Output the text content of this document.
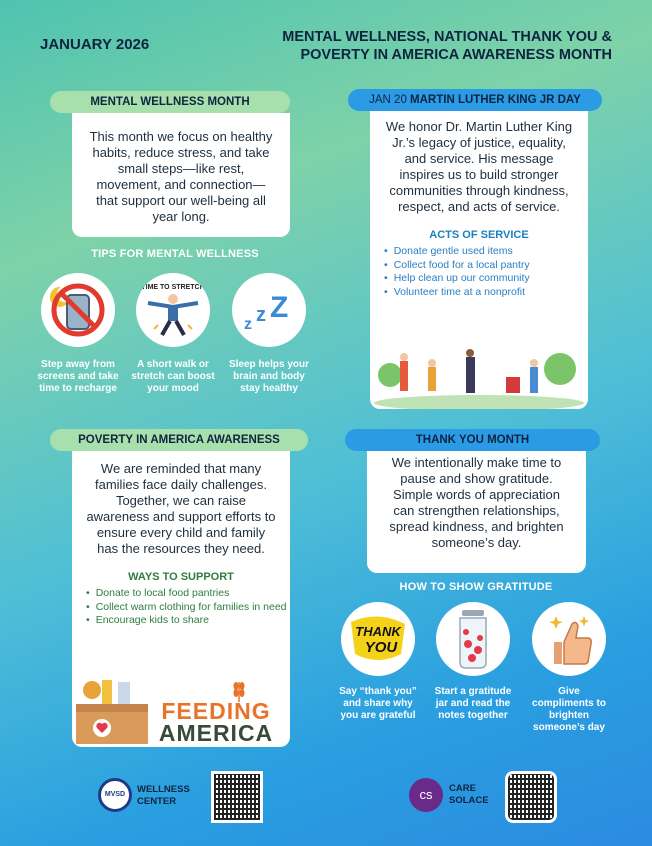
JANUARY 2026	MENTAL WELLNESS, NATIONAL THANK YOU &
POVERTY IN AMERICA AWARENESS MONTH
MENTAL WELLNESS MONTH

This month we focus on healthy habits, reduce stress, and take small steps—like rest, movement, and connection—that support our well-being all year long.

TIPS FOR MENTAL WELLNESS
TIME TO STRETCH
z z Z
Step away from screens and take time to recharge
A short walk or stretch can boost your mood
Sleep helps your brain and body stay healthy
JAN 20 MARTIN LUTHER KING JR DAY

We honor Dr. Martin Luther King Jr.’s legacy of justice, equality, and service. His message inspires us to build stronger communities through kindness, respect, and acts of service.

ACTS OF SERVICE
• Donate gentle used items
• Collect food for a local pantry
• Help clean up our community
• Volunteer time at a nonprofit
POVERTY IN AMERICA AWARENESS

We are reminded that many families face daily challenges. Together, we can raise awareness and support efforts to ensure every child and family has the resources they need.

WAYS TO SUPPORT
• Donate to local food pantries
• Collect warm clothing for families in need
• Encourage kids to share
FEEDING
AMERICA
THANK YOU MONTH

We intentionally make time to pause and show gratitude. Simple words of appreciation can strengthen relationships, spread kindness, and brighten someone’s day.

HOW TO SHOW GRATITUDE
THANK
YOU
Say “thank you” and share why you are grateful
Start a gratitude jar and read the notes together
Give compliments to brighten someone’s day
MVSD	WELLNESS
CENTER	cs	CARE
SOLACE
